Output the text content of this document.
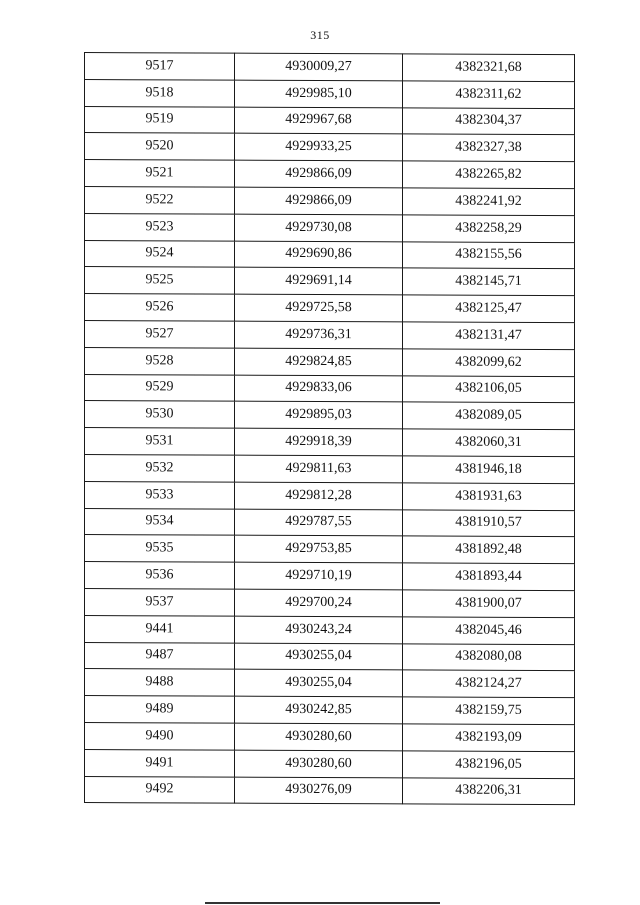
315
9517	4930009,27	4382321,68
9518	4929985,10	4382311,62
9519	4929967,68	4382304,37
9520	4929933,25	4382327,38
9521	4929866,09	4382265,82
9522	4929866,09	4382241,92
9523	4929730,08	4382258,29
9524	4929690,86	4382155,56
9525	4929691,14	4382145,71
9526	4929725,58	4382125,47
9527	4929736,31	4382131,47
9528	4929824,85	4382099,62
9529	4929833,06	4382106,05
9530	4929895,03	4382089,05
9531	4929918,39	4382060,31
9532	4929811,63	4381946,18
9533	4929812,28	4381931,63
9534	4929787,55	4381910,57
9535	4929753,85	4381892,48
9536	4929710,19	4381893,44
9537	4929700,24	4381900,07
9441	4930243,24	4382045,46
9487	4930255,04	4382080,08
9488	4930255,04	4382124,27
9489	4930242,85	4382159,75
9490	4930280,60	4382193,09
9491	4930280,60	4382196,05
9492	4930276,09	4382206,31
